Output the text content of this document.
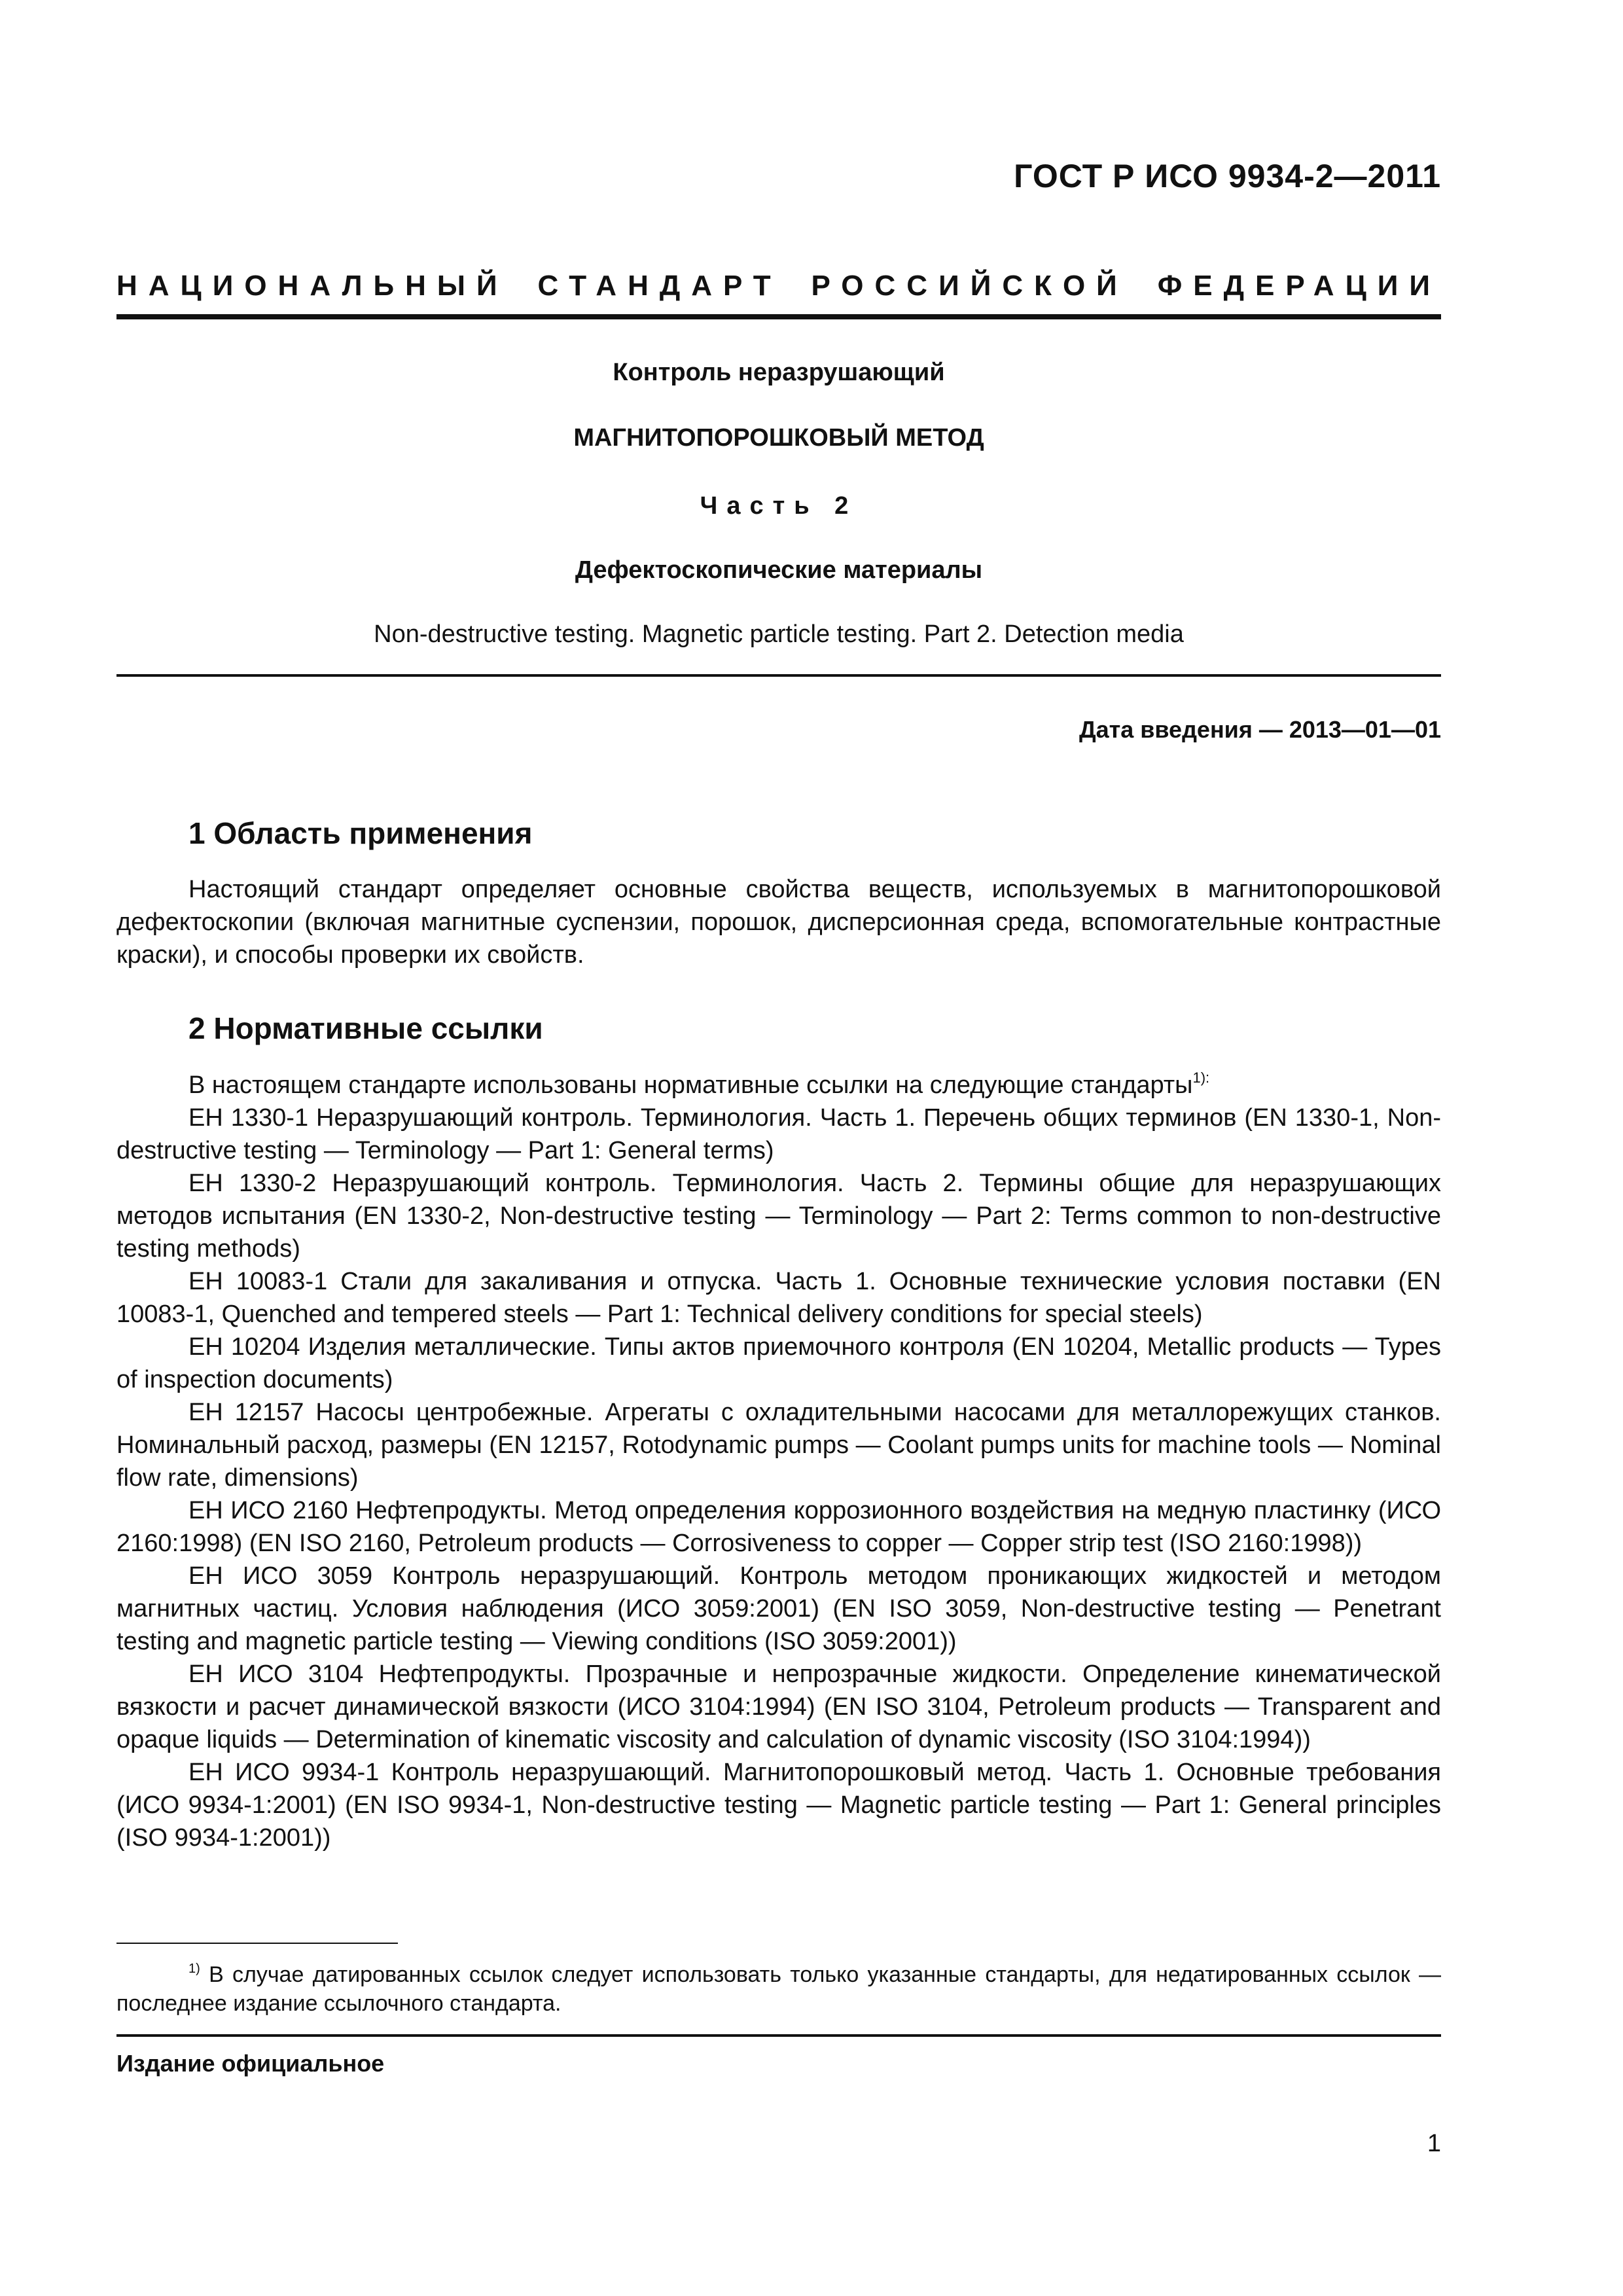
ГОСТ Р ИСО 9934-2—2011
НАЦИОНАЛЬНЫЙ СТАНДАРТ РОССИЙСКОЙ ФЕДЕРАЦИИ
Контроль неразрушающий
МАГНИТОПОРОШКОВЫЙ МЕТОД
Часть 2
Дефектоскопические материалы
Non-destructive testing. Magnetic particle testing. Part 2. Detection media
Дата введения — 2013—01—01
1 Область применения

Настоящий стандарт определяет основные свойства веществ, используемых в магнитопорошковой дефектоскопии (включая магнитные суспензии, порошок, дисперсионная среда, вспомогательные контрастные краски), и способы проверки их свойств.

2 Нормативные ссылки

В настоящем стандарте использованы нормативные ссылки на следующие стандарты$^{1):}$

ЕН 1330-1 Неразрушающий контроль. Терминология. Часть 1. Перечень общих терминов (EN 1330-1, Non-destructive testing — Terminology — Part 1: General terms)

ЕН 1330-2 Неразрушающий контроль. Терминология. Часть 2. Термины общие для неразрушающих методов испытания (EN 1330-2, Non-destructive testing — Terminology — Part 2: Terms common to non-destructive testing methods)

ЕН 10083-1 Стали для закаливания и отпуска. Часть 1. Основные технические условия поставки (EN 10083-1, Quenched and tempered steels — Part 1: Technical delivery conditions for special steels)

ЕН 10204 Изделия металлические. Типы актов приемочного контроля (EN 10204, Metallic products — Types of inspection documents)

ЕН 12157 Насосы центробежные. Агрегаты с охладительными насосами для металлорежущих станков. Номинальный расход, размеры (EN 12157, Rotodynamic pumps — Coolant pumps units for machine tools — Nominal flow rate, dimensions)

ЕН ИСО 2160 Нефтепродукты. Метод определения коррозионного воздействия на медную пластинку (ИСО 2160:1998) (EN ISO 2160, Petroleum products — Corrosiveness to copper — Copper strip test (ISO 2160:1998))

ЕН ИСО 3059 Контроль неразрушающий. Контроль методом проникающих жидкостей и методом магнитных частиц. Условия наблюдения (ИСО 3059:2001) (EN ISO 3059, Non-destructive testing — Penetrant testing and magnetic particle testing — Viewing conditions (ISO 3059:2001))

ЕН ИСО 3104 Нефтепродукты. Прозрачные и непрозрачные жидкости. Определение кинематической вязкости и расчет динамической вязкости (ИСО 3104:1994) (EN ISO 3104, Petroleum products — Transparent and opaque liquids — Determination of kinematic viscosity and calculation of dynamic viscosity (ISO 3104:1994))

ЕН ИСО 9934-1 Контроль неразрушающий. Магнитопорошковый метод. Часть 1. Основные требования (ИСО 9934-1:2001) (EN ISO 9934-1, Non-destructive testing — Magnetic particle testing — Part 1: General principles (ISO 9934-1:2001))

$^{1)}$ В случае датированных ссылок следует использовать только указанные стандарты, для недатированных ссылок — последнее издание ссылочного стандарта.

Издание официальное
1
